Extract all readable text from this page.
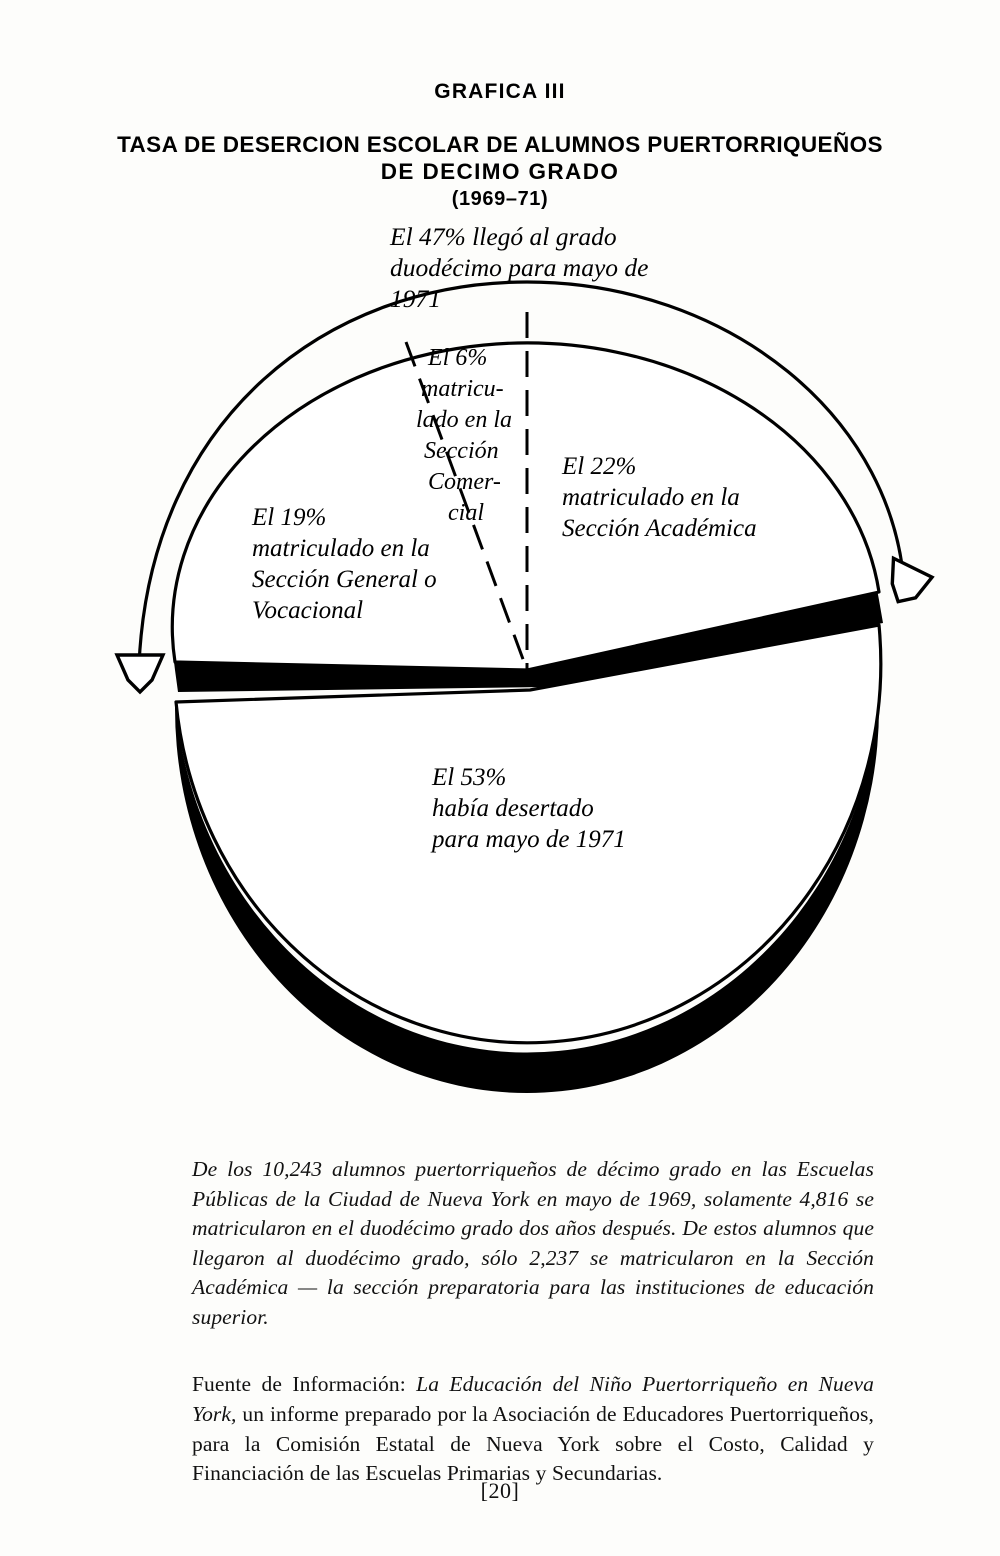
GRAFICA III
TASA DE DESERCION ESCOLAR DE ALUMNOS PUERTORRIQUEÑOS
DE DECIMO GRADO
(1969–71)
El 47% llegó al grado
duodécimo para mayo de
1971
El 6%
matricu-
lado en la
Sección
Comer-
cial
El 22%
matriculado en la
Sección Académica
El 19%
matriculado en la
Sección General o
Vocacional
El 53%
había desertado
para mayo de 1971

De los 10,243 alumnos puertorriqueños de décimo grado en las Escuelas Públicas de la Ciudad de Nueva York en mayo de 1969, solamente 4,816 se matricularon en el duodécimo grado dos años después. De estos alumnos que llegaron al duodécimo grado, sólo 2,237 se matricularon en la Sección Académica — la sección preparatoria para las instituciones de educación superior.

Fuente de Información: La Educación del Niño Puertorriqueño en Nueva York, un informe preparado por la Asociación de Educadores Puertorriqueños, para la Comisión Estatal de Nueva York sobre el Costo, Calidad y Financiación de las Escuelas Primarias y Secundarias.

[20]
